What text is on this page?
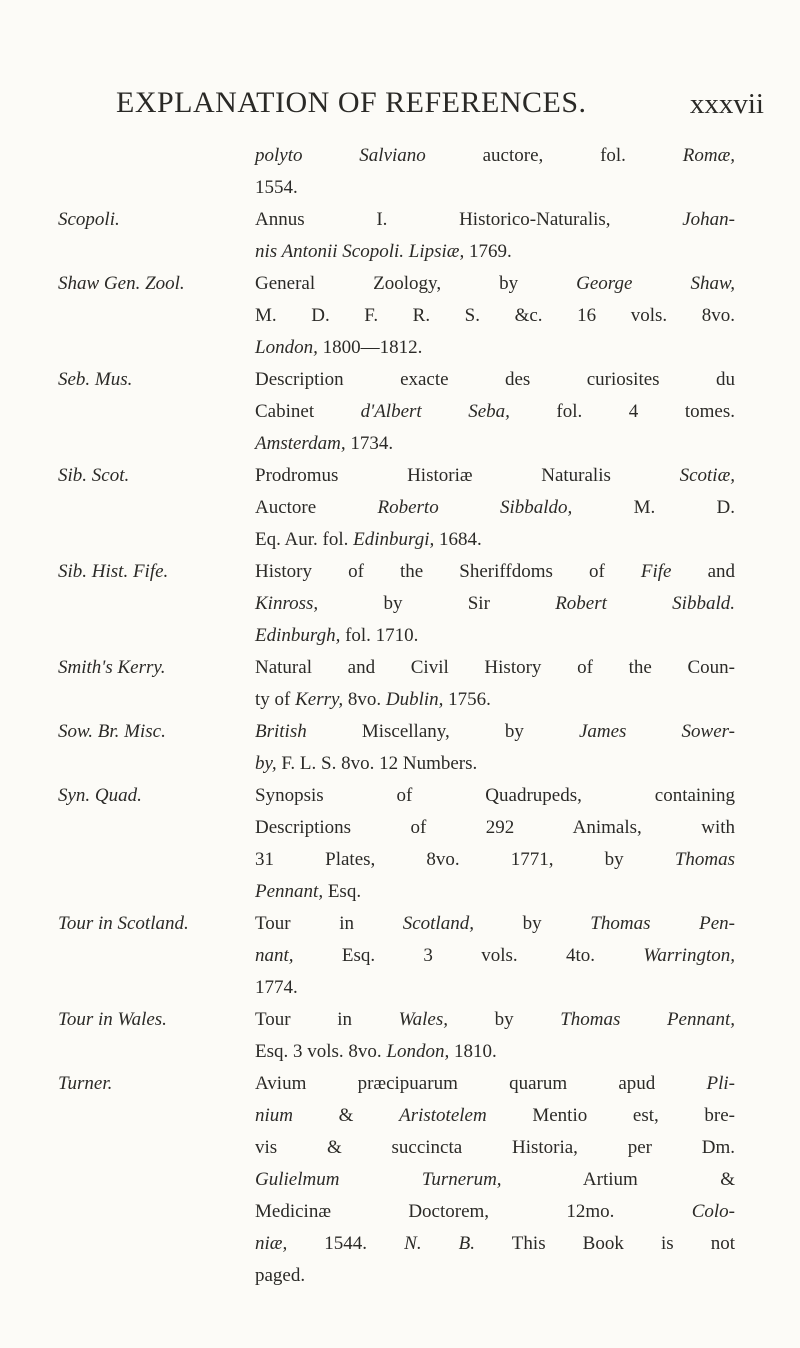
EXPLANATION OF REFERENCES.	xxxvii
polyto Salviano auctore, fol. Romæ,
1554.
Scopoli.	Annus I. Historico-Naturalis, Johan-
nis Antonii Scopoli. Lipsiæ, 1769.
Shaw Gen. Zool.	General Zoology, by George Shaw,
M. D. F. R. S. &c. 16 vols. 8vo.
London, 1800—1812.
Seb. Mus.	Description exacte des curiosites du
Cabinet d'Albert Seba, fol. 4 tomes.
Amsterdam, 1734.
Sib. Scot.	Prodromus Historiæ Naturalis Scotiæ,
Auctore Roberto Sibbaldo, M. D.
Eq. Aur. fol. Edinburgi, 1684.
Sib. Hist. Fife.	History of the Sheriffdoms of Fife and
Kinross, by Sir Robert Sibbald.
Edinburgh, fol. 1710.
Smith's Kerry.	Natural and Civil History of the Coun-
ty of Kerry, 8vo. Dublin, 1756.
Sow. Br. Misc.	British Miscellany, by James Sower-
by, F. L. S. 8vo. 12 Numbers.
Syn. Quad.	Synopsis of Quadrupeds, containing
Descriptions of 292 Animals, with
31 Plates, 8vo. 1771, by Thomas
Pennant, Esq.
Tour in Scotland.	Tour in Scotland, by Thomas Pen-
nant, Esq. 3 vols. 4to. Warrington,
1774.
Tour in Wales.	Tour in Wales, by Thomas Pennant,
Esq. 3 vols. 8vo. London, 1810.
Turner.	Avium præcipuarum quarum apud Pli-
nium & Aristotelem Mentio est, bre-
vis & succincta Historia, per Dm.
Gulielmum Turnerum, Artium &
Medicinæ Doctorem, 12mo. Colo-
niæ, 1544. N. B. This Book is not
paged.
